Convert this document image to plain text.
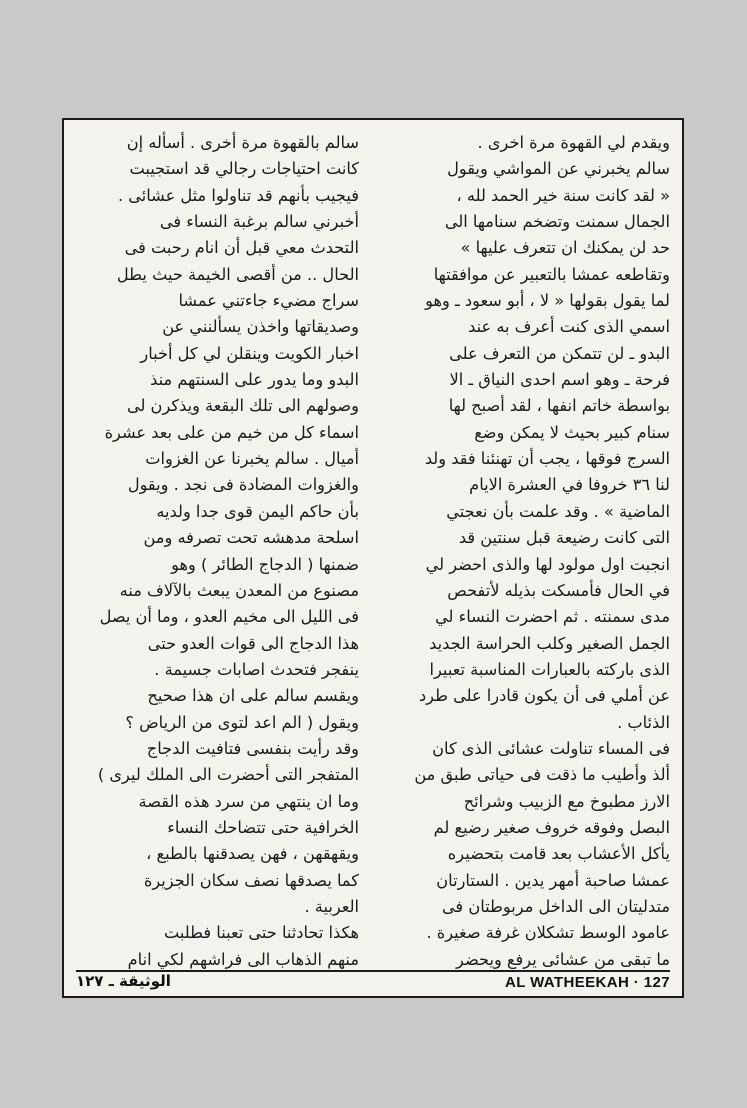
ويقدم لي القهوة مرة اخرى .
سالم يخبرني عن المواشي ويقول
« لقد كانت سنة خير الحمد لله ،
الجمال سمنت وتضخم سنامها الى
حد لن يمكنك ان تتعرف عليها »
وتقاطعه عمشا بالتعبير عن موافقتها
لما يقول بقولها « لا ، أبو سعود ـ وهو
اسمي الذى كنت أعرف به عند
البدو ـ لن تتمكن من التعرف على
فرحة ـ وهو اسم احدى النياق ـ الا
بواسطة خاتم انفها ، لقد أصبح لها
سنام كبير بحيث لا يمكن وضع
السرج فوقها ، يجب أن تهنئنا فقد ولد
لنا ٣٦ خروفا في العشرة الايام
الماضية » . وقد علمت بأن نعجتي
التى كانت رضيعة قبل سنتين قد
انجبت اول مولود لها والذى احضر لي
في الحال فأمسكت بذيله لأتفحص
مدى سمنته . ثم احضرت النساء لي
الجمل الصغير وكلب الحراسة الجديد
الذى باركته بالعبارات المناسبة تعبيرا
عن أملي فى أن يكون قادرا على طرد
الذئاب .
فى المساء تناولت عشائى الذى كان
ألذ وأطيب ما ذقت فى حياتى طبق من
الارز مطبوخ مع الزبيب وشرائح
البصل وفوقه خروف صغير رضيع لم
يأكل الأعشاب بعد قامت بتحضيره
عمشا صاحبة أمهر يدين . الستارتان
متدليتان الى الداخل مربوطتان فى
عامود الوسط تشكلان غرفة صغيرة .
ما تبقى من عشائى يرفع ويحضر
سالم بالقهوة مرة أخرى . أسأله إن
كانت احتياجات رجالي قد استجيبت
فيجيب بأنهم قد تناولوا مثل عشائى .
أخبرني سالم برغبة النساء فى
التحدث معي قبل أن انام رحبت فى
الحال .. من أقصى الخيمة حيث يطل
سراج مضيء جاءتني عمشا
وصديقاتها واخذن يسألنني عن
اخبار الكويت وينقلن لي كل أخبار
البدو وما يدور على السنتهم منذ
وصولهم الى تلك البقعة ويذكرن لى
اسماء كل من خيم من على بعد عشرة
أميال . سالم يخبرنا عن الغزوات
والغزوات المضادة فى نجد . ويقول
بأن حاكم اليمن قوى جدا ولديه
اسلحة مدهشه تحت تصرفه ومن
ضمنها ( الدجاج الطائر ) وهو
مصنوع من المعدن يبعث بالآلاف منه
فى الليل الى مخيم العدو ، وما أن يصل
هذا الدجاج الى قوات العدو حتى
ينفجر فتحدث اصابات جسيمة .
ويقسم سالم على ان هذا صحيح
ويقول ( الم اعد لتوى من الرياض ؟
وقد رأيت بنفسى فتافيت الدجاج
المتفجر التى أحضرت الى الملك ليرى )
وما ان ينتهي من سرد هذه القصة
الخرافية حتى تتضاحك النساء
ويقهقهن ، فهن يصدقنها بالطبع ،
كما يصدقها نصف سكان الجزيرة
العربية .
هكذا تحادثنا حتى تعبنا فطلبت
منهم الذهاب الى فراشهم لكي انام
الوثيقة ـ ١٢٧	AL WATHEEKAH · 127
